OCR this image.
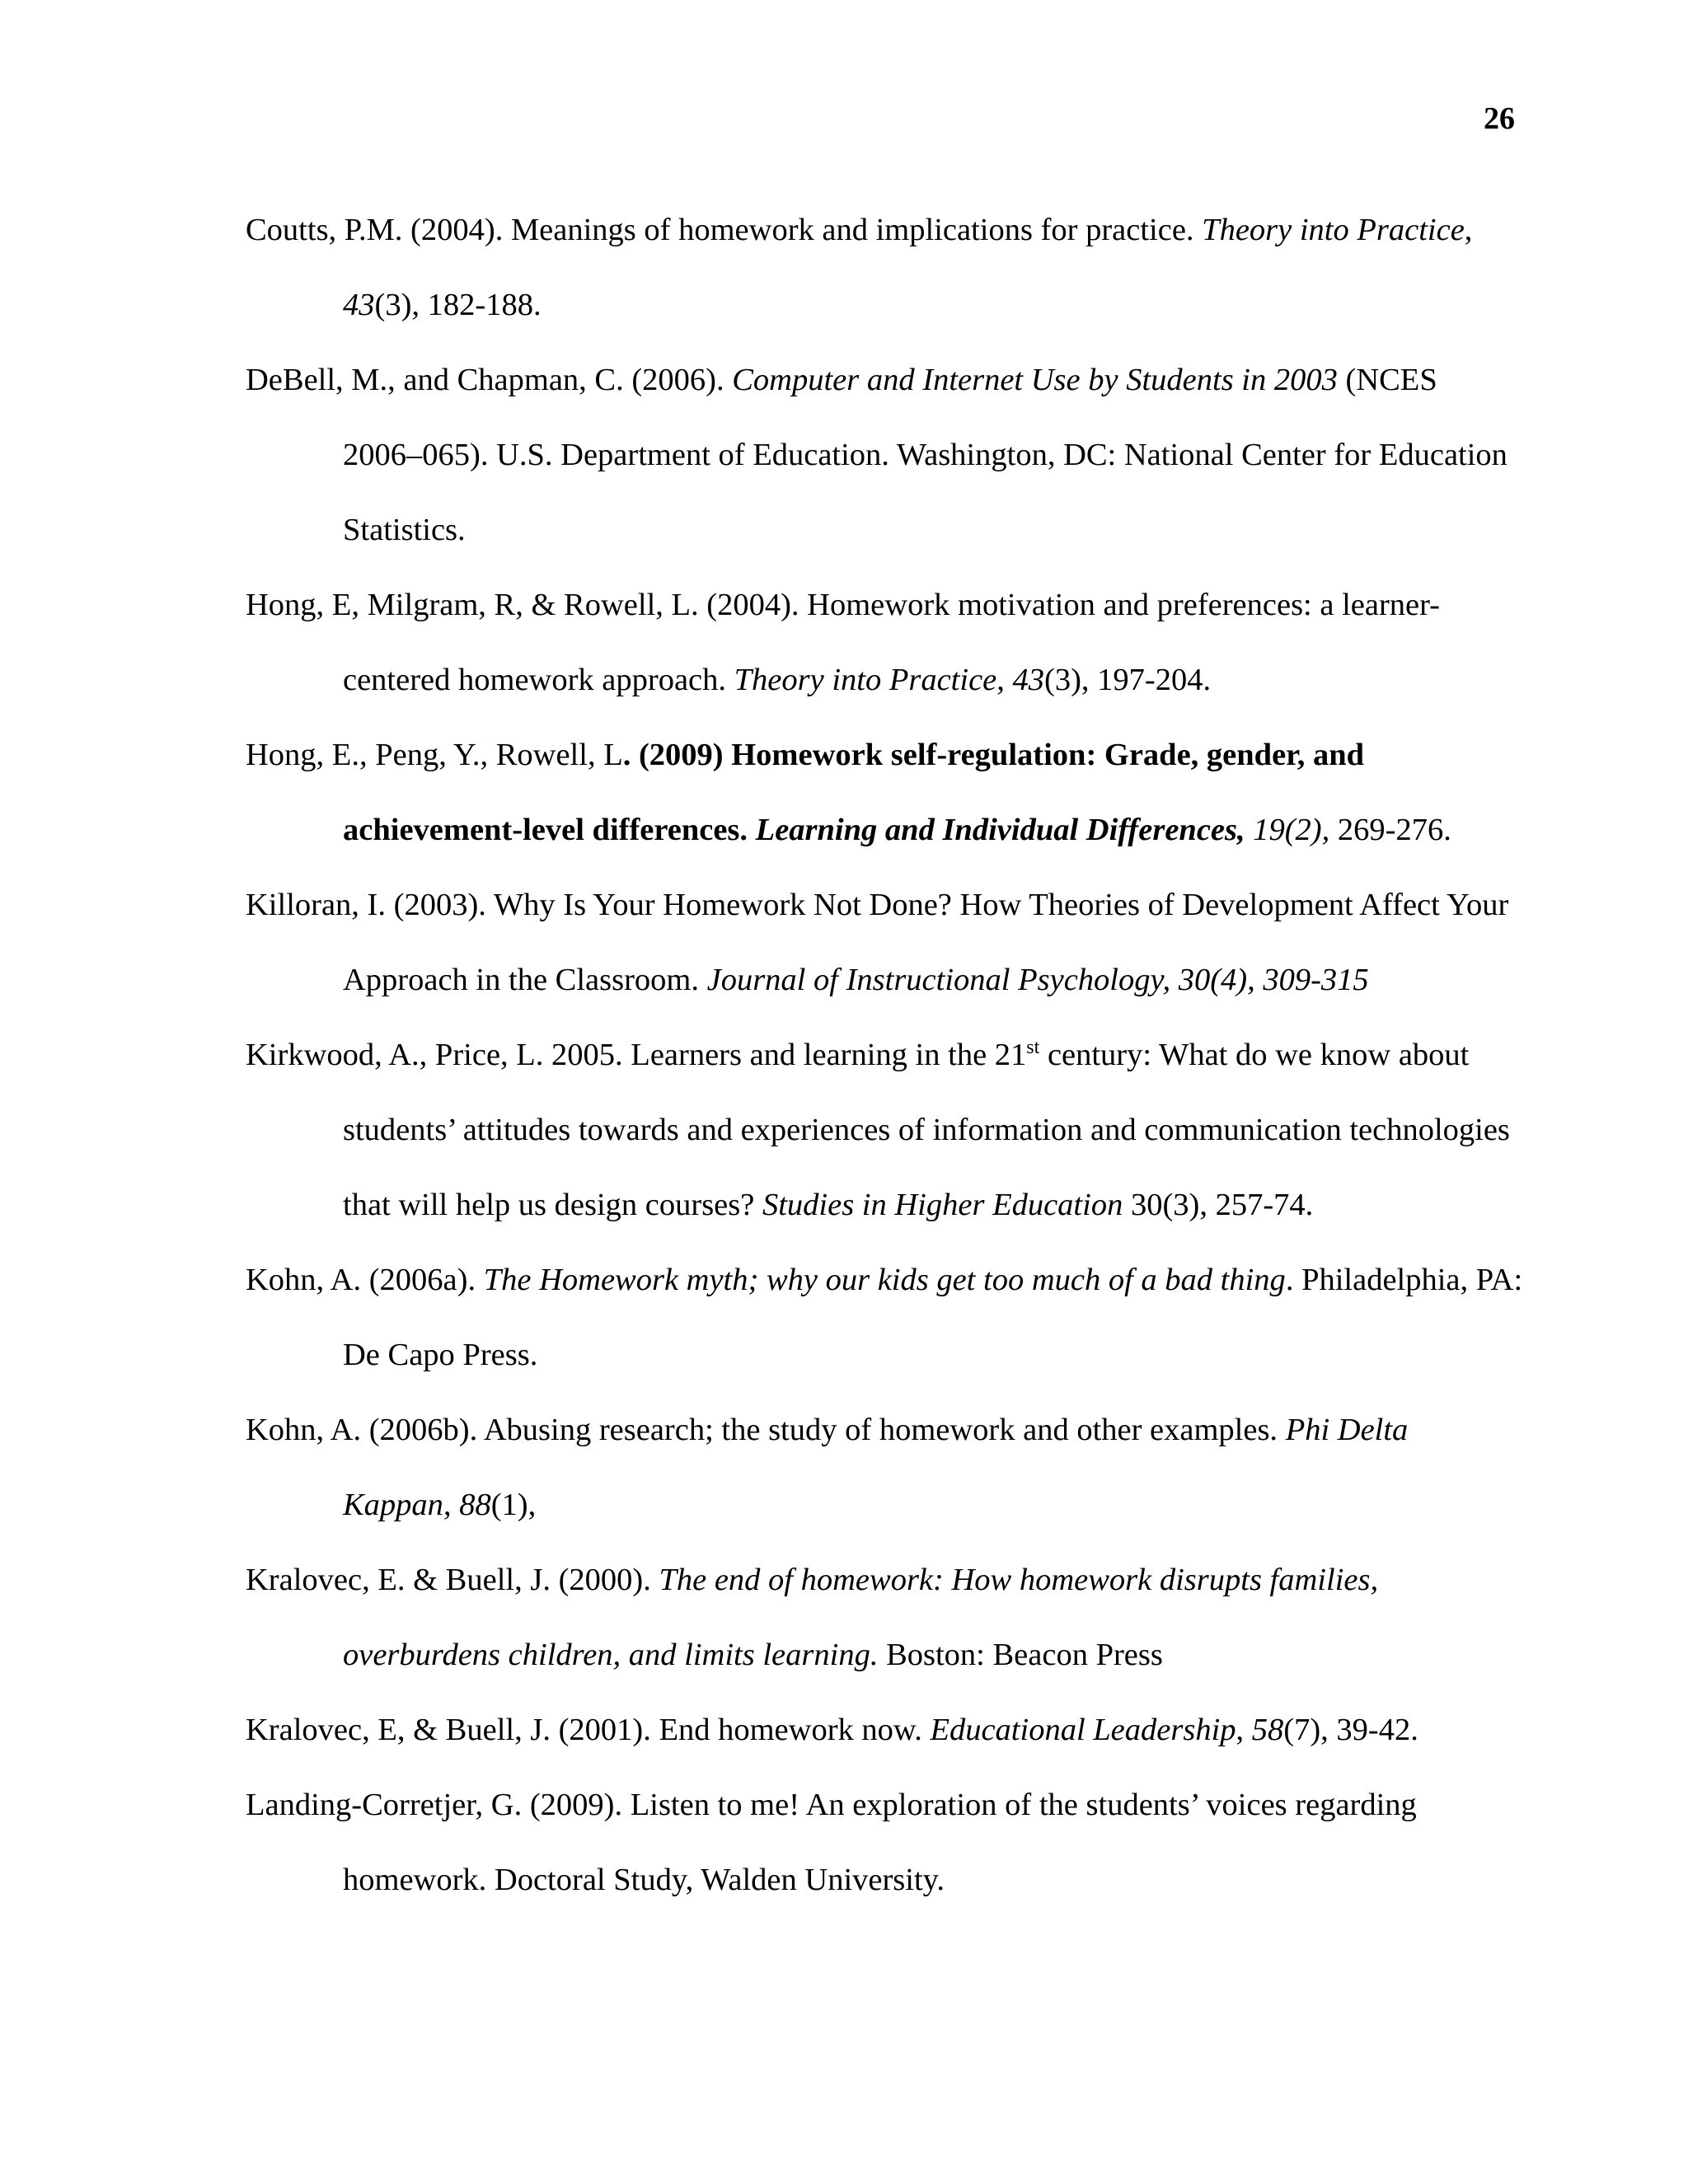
26

Coutts, P.M. (2004). Meanings of homework and implications for practice. Theory into Practice, 43(3), 182-188.

DeBell, M., and Chapman, C. (2006). Computer and Internet Use by Students in 2003 (NCES 2006–065). U.S. Department of Education. Washington, DC: National Center for Education Statistics.

Hong, E, Milgram, R, & Rowell, L. (2004). Homework motivation and preferences: a learner-centered homework approach. Theory into Practice, 43(3), 197-204.

Hong, E., Peng, Y., Rowell, L. (2009) Homework self-regulation: Grade, gender, and achievement-level differences. Learning and Individual Differences, 19(2), 269-276.

Killoran, I. (2003). Why Is Your Homework Not Done? How Theories of Development Affect Your Approach in the Classroom. Journal of Instructional Psychology, 30(4), 309-315

Kirkwood, A., Price, L. 2005. Learners and learning in the 21st century: What do we know about students’ attitudes towards and experiences of information and communication technologies that will help us design courses? Studies in Higher Education 30(3), 257-74.

Kohn, A. (2006a). The Homework myth; why our kids get too much of a bad thing. Philadelphia, PA: De Capo Press.

Kohn, A. (2006b). Abusing research; the study of homework and other examples. Phi Delta Kappan, 88(1),

Kralovec, E. & Buell, J. (2000). The end of homework: How homework disrupts families, overburdens children, and limits learning. Boston: Beacon Press

Kralovec, E, & Buell, J. (2001). End homework now. Educational Leadership, 58(7), 39-42.

Landing-Corretjer, G. (2009). Listen to me! An exploration of the students’ voices regarding homework. Doctoral Study, Walden University.
